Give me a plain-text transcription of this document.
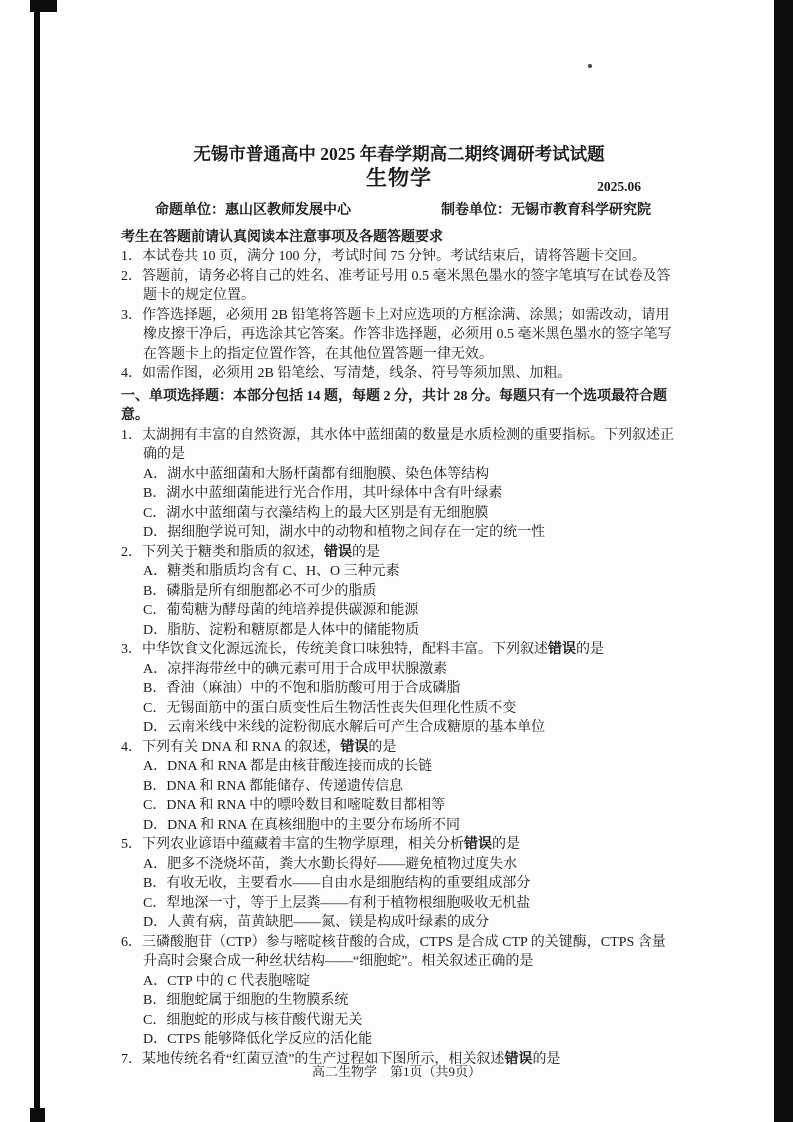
无锡市普通高中 2025 年春学期高二期终调研考试试题
生物学	2025.06
命题单位：惠山区教师发展中心	制卷单位：无锡市教育科学研究院
考生在答题前请认真阅读本注意事项及各题答题要求
1．本试卷共 10 页，满分 100 分，考试时间 75 分钟。考试结束后，请将答题卡交回。
2．答题前，请务必将自己的姓名、准考证号用 0.5 毫米黑色墨水的签字笔填写在试卷及答题卡的规定位置。
3．作答选择题，必须用 2B 铅笔将答题卡上对应选项的方框涂满、涂黑；如需改动，请用橡皮擦干净后，再选涂其它答案。作答非选择题，必须用 0.5 毫米黑色墨水的签字笔写在答题卡上的指定位置作答，在其他位置答题一律无效。
4．如需作图，必须用 2B 铅笔绘、写清楚，线条、符号等须加黑、加粗。
一、单项选择题：本部分包括 14 题，每题 2 分，共计 28 分。每题只有一个选项最符合题意。
1．太湖拥有丰富的自然资源，其水体中蓝细菌的数量是水质检测的重要指标。下列叙述正确的是
A．湖水中蓝细菌和大肠杆菌都有细胞膜、染色体等结构
B．湖水中蓝细菌能进行光合作用，其叶绿体中含有叶绿素
C．湖水中蓝细菌与衣藻结构上的最大区别是有无细胞膜
D．据细胞学说可知，湖水中的动物和植物之间存在一定的统一性
2．下列关于糖类和脂质的叙述，错误的是
A．糖类和脂质均含有 C、H、O 三种元素
B．磷脂是所有细胞都必不可少的脂质
C．葡萄糖为酵母菌的纯培养提供碳源和能源
D．脂肪、淀粉和糖原都是人体中的储能物质
3．中华饮食文化源远流长，传统美食口味独特，配料丰富。下列叙述错误的是
A．凉拌海带丝中的碘元素可用于合成甲状腺激素
B．香油（麻油）中的不饱和脂肪酸可用于合成磷脂
C．无锡面筋中的蛋白质变性后生物活性丧失但理化性质不变
D．云南米线中米线的淀粉彻底水解后可产生合成糖原的基本单位
4．下列有关 DNA 和 RNA 的叙述，错误的是
A．DNA 和 RNA 都是由核苷酸连接而成的长链
B．DNA 和 RNA 都能储存、传递遗传信息
C．DNA 和 RNA 中的嘌呤数目和嘧啶数目都相等
D．DNA 和 RNA 在真核细胞中的主要分布场所不同
5．下列农业谚语中蕴藏着丰富的生物学原理，相关分析错误的是
A．肥多不浇烧坏苗，粪大水勤长得好——避免植物过度失水
B．有收无收，主要看水——自由水是细胞结构的重要组成部分
C．犁地深一寸，等于上层粪——有利于植物根细胞吸收无机盐
D．人黄有病，苗黄缺肥——氮、镁是构成叶绿素的成分
6．三磷酸胞苷（CTP）参与嘧啶核苷酸的合成，CTPS 是合成 CTP 的关键酶，CTPS 含量升高时会聚合成一种丝状结构——“细胞蛇”。相关叙述正确的是
A．CTP 中的 C 代表胞嘧啶
B．细胞蛇属于细胞的生物膜系统
C．细胞蛇的形成与核苷酸代谢无关
D．CTPS 能够降低化学反应的活化能
7．某地传统名肴“红菌豆渣”的生产过程如下图所示，相关叙述错误的是
高二生物学　第1页（共9页）
